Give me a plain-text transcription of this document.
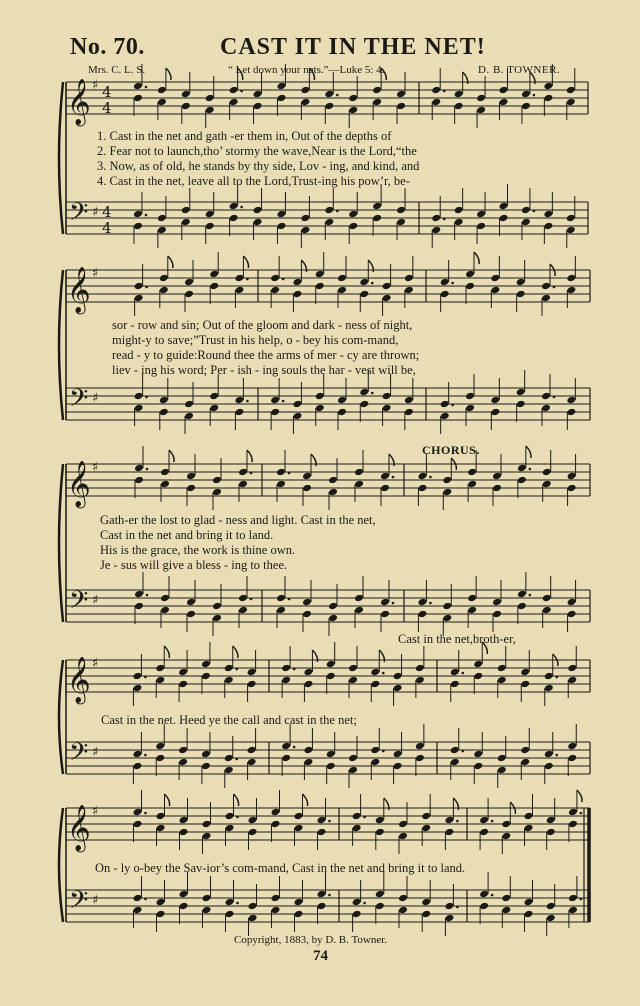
𝄞 ♯ 4
4
𝄢 ♯ 4
4
𝄞 ♯
𝄢 ♯
𝄞 ♯
𝄢 ♯
𝄞 ♯
𝄢 ♯
𝄞 ♯
𝄢 ♯
No. 70.	CAST IT IN THE NET!
Mrs. C. L. S.	“ Let down your nets.”—Luke 5: 4.	D. B. TOWNER.
1. Cast in the net and gath -er them in, Out of the depths of
2. Fear not to launch,tho’ stormy the wave,Near is the Lord,“the
3. Now, as of old, he stands by thy side, Lov - ing, and kind, and
4. Cast in the net, leave all to the Lord,Trust-ing his pow’r, be-
sor - row and sin; Out of the gloom and dark - ness of night,
might-y to save;”Trust in his help, o - bey his com-mand,
read - y to guide:Round thee the arms of mer - cy are thrown;
liev - ing his word; Per - ish - ing souls the har - vest will be,
CHORUS.
Gath-er the lost to glad - ness and light. Cast in the net,
Cast in the net and bring it to land.
His is the grace, the work is thine own.
Je - sus will give a bless - ing to thee.
Cast in the net,broth-er,
Cast in the net. Heed ye the call and cast in the net;
On - ly o-bey the Sav-ior’s com-mand, Cast in the net and bring it to land.
Copyright, 1883, by D. B. Towner.
74
